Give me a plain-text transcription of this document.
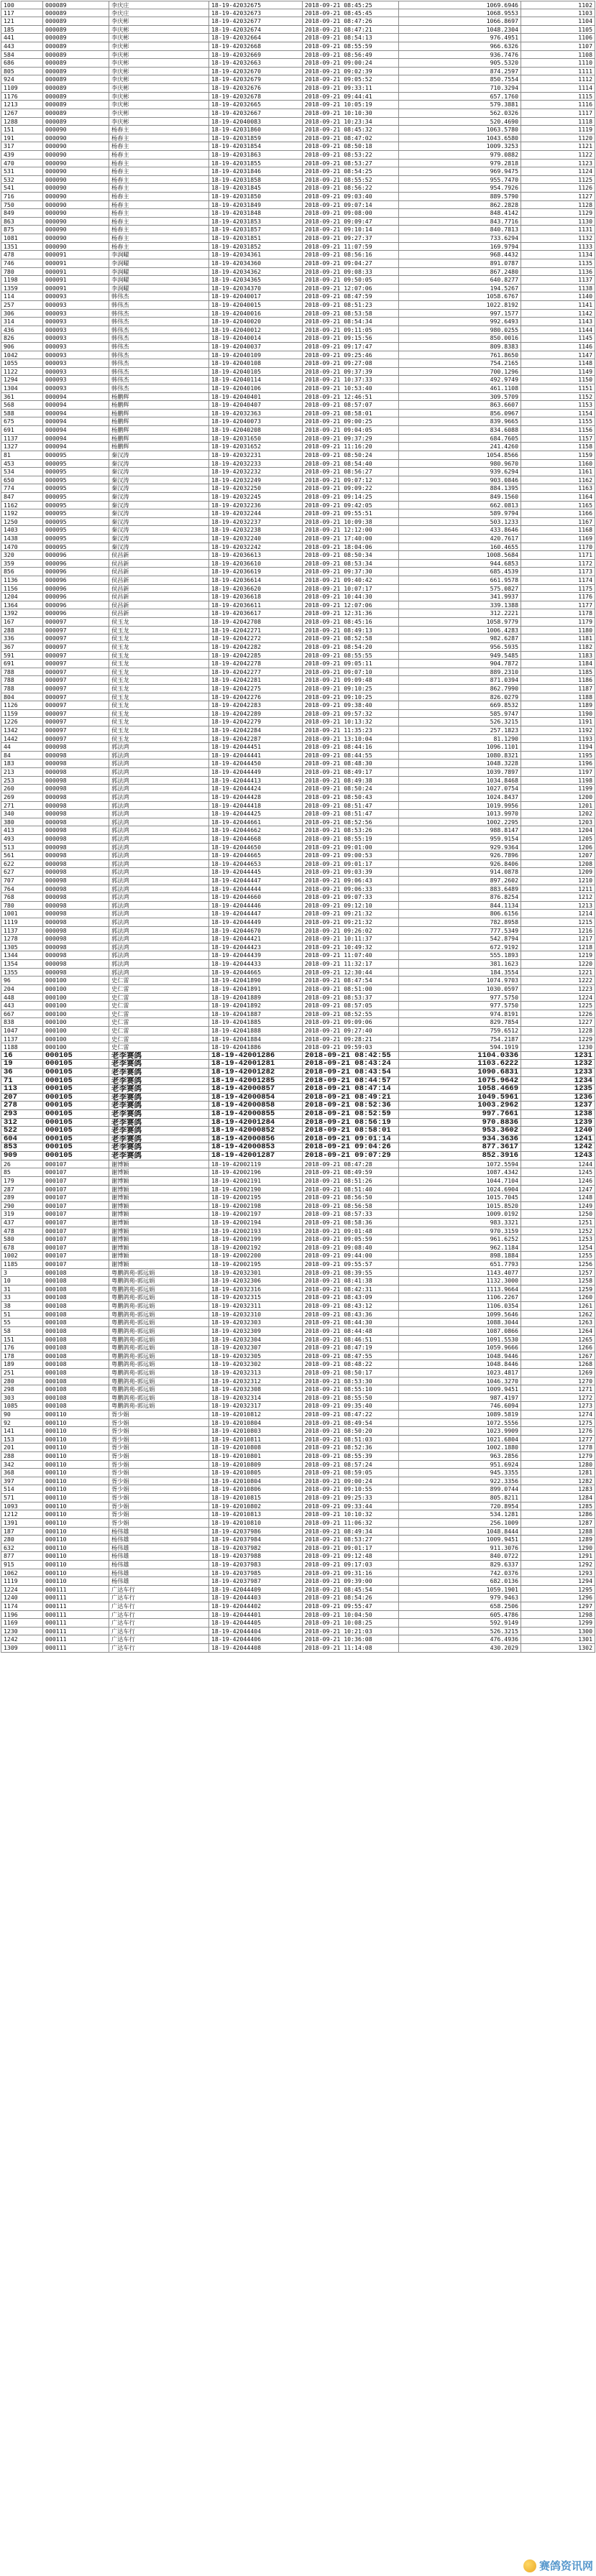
100	000089	李庆庄	18-19-42032675	2018-09-21 08:45:25	1069.6946	1102
117	000089	李庆庄	18-19-42032673	2018-09-21 08:45:45	1068.9553	1103
121	000089	李庆彬	18-19-42032677	2018-09-21 08:47:26	1066.8697	1104
185	000089	李庆彬	18-19-42032674	2018-09-21 08:47:21	1048.2304	1105
441	000089	李庆彬	18-19-42032664	2018-09-21 08:54:13	976.4951	1106
443	000089	李庆彬	18-19-42032668	2018-09-21 08:55:59	966.6326	1107
584	000089	李庆彬	18-19-42032669	2018-09-21 08:56:49	936.7476	1108
686	000089	李庆彬	18-19-42032663	2018-09-21 09:00:24	905.5320	1110
805	000089	李庆彬	18-19-42032670	2018-09-21 09:02:39	874.2597	1111
924	000089	李庆彬	18-19-42032679	2018-09-21 09:05:52	850.7554	1112
1109	000089	李庆彬	18-19-42032676	2018-09-21 09:33:11	710.3294	1114
1176	000089	李庆彬	18-19-42032678	2018-09-21 09:44:41	657.1760	1115
1213	000089	李庆彬	18-19-42032665	2018-09-21 10:05:19	579.3881	1116
1267	000089	李庆彬	18-19-42032667	2018-09-21 10:10:30	562.0326	1117
1288	000089	李庆彬	18-19-42040083	2018-09-21 10:23:34	520.4690	1118
151	000090	杨春主	18-19-42031860	2018-09-21 08:45:32	1063.5780	1119
191	000090	杨春主	18-19-42031859	2018-09-21 08:47:02	1043.6580	1120
317	000090	杨春主	18-19-42031854	2018-09-21 08:50:18	1009.3253	1121
439	000090	杨春主	18-19-42031863	2018-09-21 08:53:22	979.0882	1122
470	000090	杨春主	18-19-42031855	2018-09-21 08:53:27	979.2818	1123
531	000090	杨春主	18-19-42031846	2018-09-21 08:54:25	969.9475	1124
532	000090	杨春主	18-19-42031858	2018-09-21 08:55:52	955.7470	1125
541	000090	杨春主	18-19-42031845	2018-09-21 08:56:22	954.7926	1126
716	000090	杨春主	18-19-42031850	2018-09-21 09:03:40	889.5790	1127
750	000090	杨春主	18-19-42031849	2018-09-21 09:07:14	862.2828	1128
849	000090	杨春主	18-19-42031848	2018-09-21 09:08:00	848.4142	1129
863	000090	杨春主	18-19-42031853	2018-09-21 09:09:47	843.7716	1130
875	000090	杨春主	18-19-42031857	2018-09-21 09:10:14	840.7813	1131
1081	000090	杨春主	18-19-42031851	2018-09-21 09:27:37	733.6294	1132
1351	000090	杨春主	18-19-42031852	2018-09-21 11:07:59	169.9794	1133
478	000091	李润曜	18-19-42034361	2018-09-21 08:56:16	968.4432	1134
746	000091	李润曜	18-19-42034360	2018-09-21 09:04:27	891.0787	1135
780	000091	李润曜	18-19-42034362	2018-09-21 09:08:33	867.2480	1136
1198	000091	李润曜	18-19-42034365	2018-09-21 09:50:05	640.8277	1137
1359	000091	李润曜	18-19-42034370	2018-09-21 12:07:06	194.5267	1138
114	000093	韩伟杰	18-19-42040017	2018-09-21 08:47:59	1058.6767	1140
257	000093	韩伟杰	18-19-42040015	2018-09-21 08:51:23	1022.8192	1141
306	000093	韩伟杰	18-19-42040016	2018-09-21 08:53:58	997.1577	1142
314	000093	韩伟杰	18-19-42040020	2018-09-21 08:54:34	992.6493	1143
436	000093	韩伟杰	18-19-42040012	2018-09-21 09:11:05	980.0255	1144
826	000093	韩伟杰	18-19-42040014	2018-09-21 09:15:56	850.0016	1145
906	000093	韩伟杰	18-19-42040037	2018-09-21 09:17:47	809.8383	1146
1042	000093	韩伟杰	18-19-42040109	2018-09-21 09:25:46	761.8650	1147
1055	000093	韩伟杰	18-19-42040108	2018-09-21 09:27:08	754.2165	1148
1122	000093	韩伟杰	18-19-42040105	2018-09-21 09:37:39	700.1296	1149
1294	000093	韩伟杰	18-19-42040114	2018-09-21 10:37:33	492.9749	1150
1304	000093	韩伟杰	18-19-42040106	2018-09-21 10:53:40	461.1108	1151
361	000094	杨鹏辉	18-19-42040401	2018-09-21 12:46:51	309.5709	1152
568	000094	杨鹏辉	18-19-42040407	2018-09-21 08:57:07	863.6607	1153
588	000094	杨鹏辉	18-19-42032363	2018-09-21 08:58:01	856.0967	1154
675	000094	杨鹏辉	18-19-42040073	2018-09-21 09:00:25	839.9665	1155
691	000094	杨鹏辉	18-19-42040208	2018-09-21 09:04:05	834.6088	1156
1137	000094	杨鹏辉	18-19-42031650	2018-09-21 09:37:29	684.7605	1157
1327	000094	杨鹏辉	18-19-42031652	2018-09-21 11:16:20	241.4260	1158
81	000095	秦汉涛	18-19-42032231	2018-09-21 08:50:24	1054.8566	1159
453	000095	秦汉涛	18-19-42032233	2018-09-21 08:54:40	980.9670	1160
534	000095	秦汉涛	18-19-42032232	2018-09-21 08:56:27	939.6294	1161
650	000095	秦汉涛	18-19-42032249	2018-09-21 09:07:12	903.0846	1162
774	000095	秦汉涛	18-19-42032250	2018-09-21 09:09:22	884.1395	1163
847	000095	秦汉涛	18-19-42032245	2018-09-21 09:14:25	849.1560	1164
1162	000095	秦汉涛	18-19-42032236	2018-09-21 09:42:05	662.0813	1165
1192	000095	秦汉涛	18-19-42032244	2018-09-21 09:55:51	589.9794	1166
1250	000095	秦汉涛	18-19-42032237	2018-09-21 10:09:38	503.1233	1167
1403	000095	秦汉涛	18-19-42032238	2018-09-21 12:12:00	433.8646	1168
1438	000095	秦汉涛	18-19-42032240	2018-09-21 17:40:00	420.7617	1169
1470	000095	秦汉涛	18-19-42032242	2018-09-21 18:04:06	160.4655	1170
320	000096	侯昌新	18-19-42036613	2018-09-21 08:50:34	1008.5684	1171
359	000096	侯昌新	18-19-42036610	2018-09-21 08:53:34	944.6853	1172
856	000096	侯昌新	18-19-42036619	2018-09-21 09:37:30	685.4539	1173
1136	000096	侯昌新	18-19-42036614	2018-09-21 09:40:42	661.9578	1174
1156	000096	侯昌新	18-19-42036620	2018-09-21 10:07:17	575.0827	1175
1204	000096	侯昌新	18-19-42036618	2018-09-21 10:44:30	341.9937	1176
1364	000096	侯昌新	18-19-42036611	2018-09-21 12:07:06	339.1388	1177
1392	000096	侯昌新	18-19-42036617	2018-09-21 12:31:36	312.2221	1178
167	000097	侯玉龙	18-19-42042708	2018-09-21 08:45:16	1058.9779	1179
288	000097	侯玉龙	18-19-42042271	2018-09-21 08:49:13	1006.4283	1180
336	000097	侯玉龙	18-19-42042272	2018-09-21 08:52:58	982.6287	1181
367	000097	侯玉龙	18-19-42042282	2018-09-21 08:54:20	956.5935	1182
591	000097	侯玉龙	18-19-42042285	2018-09-21 08:55:55	949.5485	1183
691	000097	侯玉龙	18-19-42042278	2018-09-21 09:05:11	904.7872	1184
788	000097	侯玉龙	18-19-42042277	2018-09-21 09:07:10	889.2310	1185
788	000097	侯玉龙	18-19-42042281	2018-09-21 09:09:48	871.0394	1186
788	000097	侯玉龙	18-19-42042275	2018-09-21 09:10:25	862.7990	1187
804	000097	侯玉龙	18-19-42042276	2018-09-21 09:10:25	826.0279	1188
1126	000097	侯玉龙	18-19-42042283	2018-09-21 09:38:40	669.8532	1189
1159	000097	侯玉龙	18-19-42042289	2018-09-21 09:57:32	585.9747	1190
1226	000097	侯玉龙	18-19-42042279	2018-09-21 10:13:32	526.3215	1191
1342	000097	侯玉龙	18-19-42042284	2018-09-21 11:35:23	257.1823	1192
1442	000097	侯玉龙	18-19-42042287	2018-09-21 13:10:04	81.1290	1193
44	000098	郭法鸿	18-19-42044451	2018-09-21 08:44:16	1096.1101	1194
84	000098	郭法鸿	18-19-42044441	2018-09-21 08:44:55	1080.8321	1195
183	000098	郭法鸿	18-19-42044450	2018-09-21 08:48:30	1048.3228	1196
213	000098	郭法鸿	18-19-42044449	2018-09-21 08:49:17	1039.7897	1197
253	000098	郭法鸿	18-19-42044413	2018-09-21 08:49:38	1034.8468	1198
260	000098	郭法鸿	18-19-42044424	2018-09-21 08:50:24	1027.0754	1199
269	000098	郭法鸿	18-19-42044428	2018-09-21 08:50:43	1024.8437	1200
271	000098	郭法鸿	18-19-42044418	2018-09-21 08:51:47	1019.9956	1201
340	000098	郭法鸿	18-19-42044425	2018-09-21 08:51:47	1013.9970	1202
380	000098	郭法鸿	18-19-42044661	2018-09-21 08:52:56	1002.2295	1203
413	000098	郭法鸿	18-19-42044662	2018-09-21 08:53:26	988.8147	1204
493	000098	郭法鸿	18-19-42044668	2018-09-21 08:55:19	959.9154	1205
513	000098	郭法鸿	18-19-42044650	2018-09-21 09:01:00	929.9364	1206
561	000098	郭法鸿	18-19-42044665	2018-09-21 09:00:53	926.7896	1207
622	000098	郭法鸿	18-19-42044653	2018-09-21 09:01:17	926.8406	1208
627	000098	郭法鸿	18-19-42044445	2018-09-21 09:03:39	914.0878	1209
707	000098	郭法鸿	18-19-42044447	2018-09-21 09:06:43	897.2602	1210
764	000098	郭法鸿	18-19-42044444	2018-09-21 09:06:33	883.6489	1211
768	000098	郭法鸿	18-19-42044660	2018-09-21 09:07:33	876.8254	1212
780	000098	郭法鸿	18-19-42044446	2018-09-21 09:12:10	844.1134	1213
1001	000098	郭法鸿	18-19-42044447	2018-09-21 09:21:32	806.6156	1214
1119	000098	郭法鸿	18-19-42044449	2018-09-21 09:21:32	782.8958	1215
1137	000098	郭法鸿	18-19-42044670	2018-09-21 09:26:02	777.5349	1216
1278	000098	郭法鸿	18-19-42044421	2018-09-21 10:11:37	542.8794	1217
1305	000098	郭法鸿	18-19-42044423	2018-09-21 10:49:32	672.9192	1218
1344	000098	郭法鸿	18-19-42044439	2018-09-21 11:07:40	555.1893	1219
1354	000098	郭法鸿	18-19-42044433	2018-09-21 11:32:17	381.1623	1220
1355	000098	郭法鸿	18-19-42044665	2018-09-21 12:30:44	184.3554	1221
96	000100	史仁雷	18-19-42041890	2018-09-21 08:47:54	1074.9703	1222
204	000100	史仁雷	18-19-42041891	2018-09-21 08:51:00	1030.0597	1223
448	000100	史仁雷	18-19-42041889	2018-09-21 08:53:37	977.5750	1224
443	000100	史仁雷	18-19-42041892	2018-09-21 08:57:05	977.5750	1225
667	000100	史仁雷	18-19-42041887	2018-09-21 08:52:55	974.8191	1226
838	000100	史仁雷	18-19-42041885	2018-09-21 09:09:06	829.7854	1227
1047	000100	史仁雷	18-19-42041888	2018-09-21 09:27:40	759.6512	1228
1137	000100	史仁雷	18-19-42041884	2018-09-21 09:28:21	754.2187	1229
1188	000100	史仁雷	18-19-42041886	2018-09-21 09:59:03	594.1919	1230
16	000105	老李赛鸽	18-19-42001286	2018-09-21 08:42:55	1104.0336	1231
19	000105	老李赛鸽	18-19-42001281	2018-09-21 08:43:24	1103.6222	1232
36	000105	老李赛鸽	18-19-42001282	2018-09-21 08:43:54	1090.6831	1233
71	000105	老李赛鸽	18-19-42001285	2018-09-21 08:44:57	1075.9642	1234
113	000105	老李赛鸽	18-19-42000857	2018-09-21 08:47:14	1058.4669	1235
207	000105	老李赛鸽	18-19-42000854	2018-09-21 08:49:21	1049.5961	1236
278	000105	老李赛鸽	18-19-42000858	2018-09-21 08:52:36	1003.2962	1237
293	000105	老李赛鸽	18-19-42000855	2018-09-21 08:52:59	997.7661	1238
312	000105	老李赛鸽	18-19-42001284	2018-09-21 08:56:19	970.8836	1239
522	000105	老李赛鸽	18-19-42000852	2018-09-21 08:58:01	953.3602	1240
604	000105	老李赛鸽	18-19-42000856	2018-09-21 09:01:14	934.3636	1241
853	000105	老李赛鸽	18-19-42000853	2018-09-21 09:04:26	877.3617	1242
909	000105	老李赛鸽	18-19-42001287	2018-09-21 09:07:29	852.3916	1243
26	000107	谢博颖	18-19-42002119	2018-09-21 08:47:28	1072.5594	1244
85	000107	谢博颖	18-19-42002196	2018-09-21 08:49:59	1087.4342	1245
179	000107	谢博颖	18-19-42002191	2018-09-21 08:51:26	1044.7104	1246
287	000107	谢博颖	18-19-42002190	2018-09-21 08:51:40	1024.6904	1247
289	000107	谢博颖	18-19-42002195	2018-09-21 08:56:50	1015.7045	1248
290	000107	谢博颖	18-19-42002198	2018-09-21 08:56:58	1015.8520	1249
319	000107	谢博颖	18-19-42002197	2018-09-21 08:57:33	1009.0192	1250
437	000107	谢博颖	18-19-42002194	2018-09-21 08:58:36	983.3321	1251
478	000107	谢博颖	18-19-42002193	2018-09-21 09:01:48	970.3159	1252
580	000107	谢博颖	18-19-42002199	2018-09-21 09:05:59	961.6252	1253
678	000107	谢博颖	18-19-42002192	2018-09-21 09:08:40	962.1184	1254
1002	000107	谢博颖	18-19-42002200	2018-09-21 09:44:00	898.1884	1255
1185	000107	谢博颖	18-19-42002195	2018-09-21 09:55:57	651.7793	1256
3	000108	粤鹏鸽苑-郭远娟	18-19-42032301	2018-09-21 08:39:55	1143.4077	1257
10	000108	粤鹏鸽苑-郭远娟	18-19-42032306	2018-09-21 08:41:38	1132.3000	1258
31	000108	粤鹏鸽苑-郭远娟	18-19-42032316	2018-09-21 08:42:31	1113.9664	1259
33	000108	粤鹏鸽苑-郭远娟	18-19-42032315	2018-09-21 08:43:09	1106.2267	1260
38	000108	粤鹏鸽苑-郭远娟	18-19-42032311	2018-09-21 08:43:12	1106.0354	1261
51	000108	粤鹏鸽苑-郭远娟	18-19-42032310	2018-09-21 08:43:36	1099.5646	1262
55	000108	粤鹏鸽苑-郭远娟	18-19-42032303	2018-09-21 08:44:30	1088.3044	1263
58	000108	粤鹏鸽苑-郭远娟	18-19-42032309	2018-09-21 08:44:48	1087.0866	1264
151	000108	粤鹏鸽苑-郭远娟	18-19-42032304	2018-09-21 08:46:51	1091.5530	1265
176	000108	粤鹏鸽苑-郭远娟	18-19-42032307	2018-09-21 08:47:19	1059.9666	1266
178	000108	粤鹏鸽苑-郭远娟	18-19-42032305	2018-09-21 08:47:55	1048.9446	1267
189	000108	粤鹏鸽苑-郭远娟	18-19-42032302	2018-09-21 08:48:22	1048.8446	1268
251	000108	粤鹏鸽苑-郭远娟	18-19-42032313	2018-09-21 08:50:17	1023.4817	1269
280	000108	粤鹏鸽苑-郭远娟	18-19-42032312	2018-09-21 08:53:30	1046.3270	1270
298	000108	粤鹏鸽苑-郭远娟	18-19-42032308	2018-09-21 08:55:10	1009.9451	1271
303	000108	粤鹏鸽苑-郭远娟	18-19-42032314	2018-09-21 08:55:50	987.4197	1272
1085	000108	粤鹏鸽苑-郭远娟	18-19-42032317	2018-09-21 09:35:40	746.6094	1273
90	000110	胥少娟	18-19-42010812	2018-09-21 08:47:22	1089.5819	1274
92	000110	胥少娟	18-19-42010804	2018-09-21 08:49:54	1072.5556	1275
141	000110	胥少娟	18-19-42010803	2018-09-21 08:50:20	1023.9909	1276
153	000110	胥少娟	18-19-42010811	2018-09-21 08:51:03	1021.6804	1277
201	000110	胥少娟	18-19-42010808	2018-09-21 08:52:36	1002.1880	1278
288	000110	胥少娟	18-19-42010801	2018-09-21 08:55:39	963.2856	1279
342	000110	胥少娟	18-19-42010809	2018-09-21 08:57:24	951.6924	1280
368	000110	胥少娟	18-19-42010805	2018-09-21 08:59:05	945.3355	1281
397	000110	胥少娟	18-19-42010804	2018-09-21 09:00:24	922.3356	1282
514	000110	胥少娟	18-19-42010806	2018-09-21 09:10:55	899.0744	1283
571	000110	胥少娟	18-19-42010815	2018-09-21 09:25:33	805.8211	1284
1093	000110	胥少娟	18-19-42010802	2018-09-21 09:33:44	720.8954	1285
1212	000110	胥少娟	18-19-42010813	2018-09-21 10:10:32	534.1281	1286
1391	000110	胥少娟	18-19-42010810	2018-09-21 11:06:32	256.1009	1287
187	000110	杨伟雄	18-19-42037986	2018-09-21 08:49:34	1048.8444	1288
280	000110	杨伟雄	18-19-42037984	2018-09-21 08:53:27	1009.9451	1289
632	000110	杨伟雄	18-19-42037982	2018-09-21 09:01:17	911.3076	1290
877	000110	杨伟雄	18-19-42037988	2018-09-21 09:12:48	840.0722	1291
915	000110	杨伟雄	18-19-42037983	2018-09-21 09:17:03	829.6337	1292
1062	000110	杨伟雄	18-19-42037985	2018-09-21 09:31:16	742.0376	1293
1119	000110	杨伟雄	18-19-42037987	2018-09-21 09:39:00	682.0136	1294
1224	000111	广达车行	18-19-42044409	2018-09-21 08:45:54	1059.1901	1295
1240	000111	广达车行	18-19-42044403	2018-09-21 08:54:26	979.9463	1296
1174	000111	广达车行	18-19-42044402	2018-09-21 09:55:47	658.2506	1297
1196	000111	广达车行	18-19-42044401	2018-09-21 10:04:50	605.4786	1298
1169	000111	广达车行	18-19-42044405	2018-09-21 10:08:25	592.9149	1299
1230	000111	广达车行	18-19-42044404	2018-09-21 10:21:03	526.3215	1300
1242	000111	广达车行	18-19-42044406	2018-09-21 10:36:08	476.4936	1301
1309	000111	广达车行	18-19-42044408	2018-09-21 11:14:08	430.2029	1302
赛鸽资讯网
